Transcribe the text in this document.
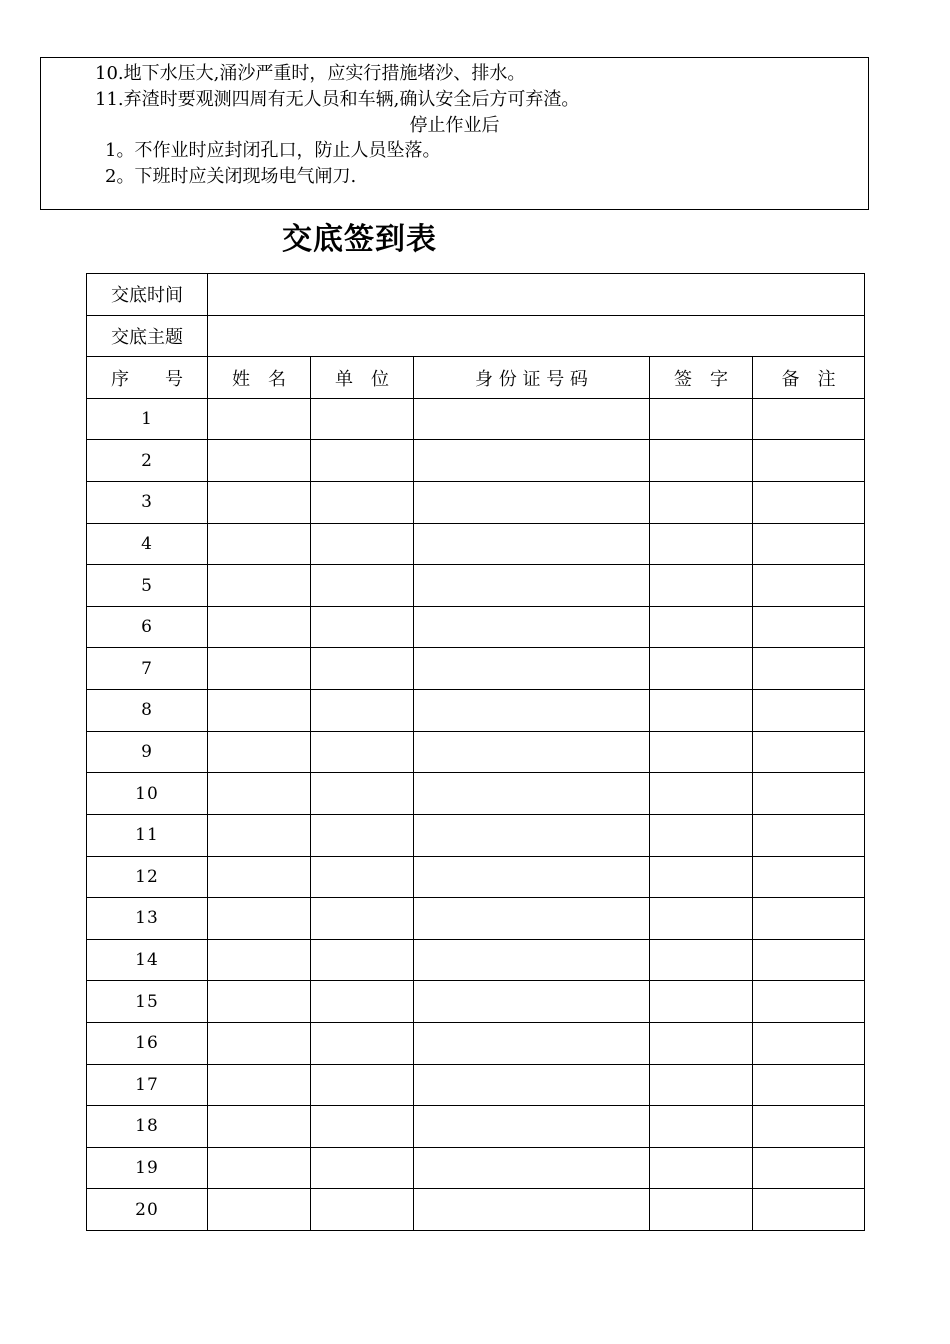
10.地下水压大,涌沙严重时，应实行措施堵沙、排水。
11.弃渣时要观测四周有无人员和车辆,确认安全后方可弃渣。
停止作业后
1。不作业时应封闭孔口，防止人员坠落。
2。下班时应关闭现场电气闸刀.
交底签到表
交底时间					
交底主题					
序　　号	姓　名	单　位	身 份 证 号 码	签　字	备　注
1					
2					
3					
4					
5					
6					
7					
8					
9					
10					
11					
12					
13					
14					
15					
16					
17					
18					
19					
20					
